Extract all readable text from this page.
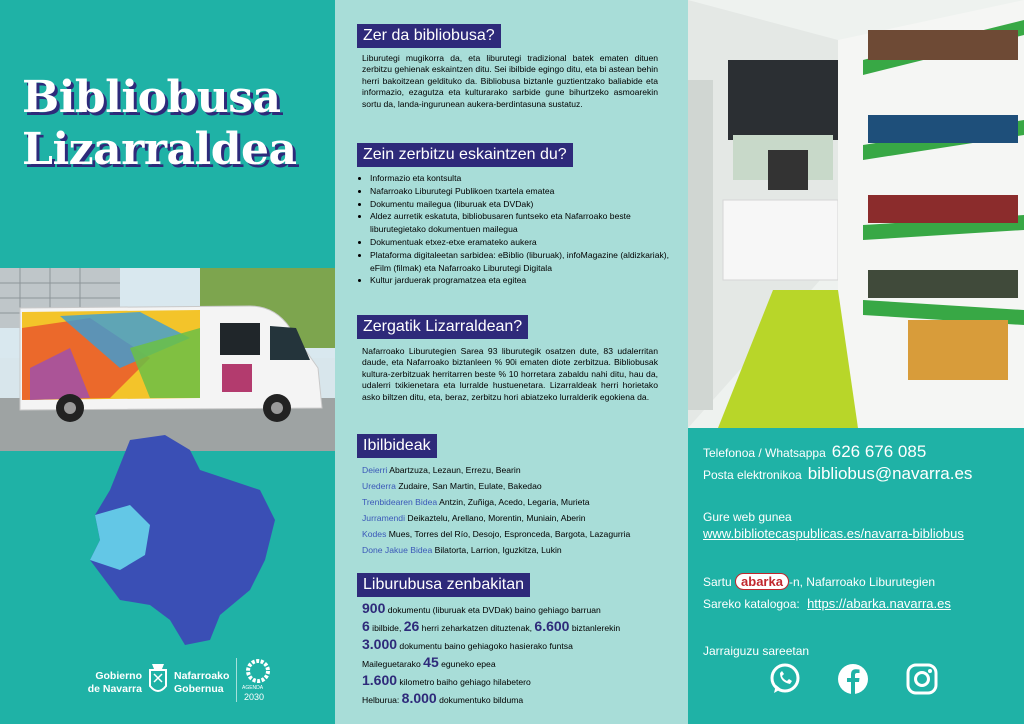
Bibliobusa
Lizarraldea
Gobierno
de Navarra
Nafarroako
Gobernua	AGENDA
2030
Zer da bibliobusa?
Liburutegi mugikorra da, eta liburutegi tradizional batek ematen dituen zerbitzu gehienak eskaintzen ditu. Sei ibilbide egingo ditu, eta bi astean behin herri bakoitzean geldituko da. Bibliobusa biztanle guztientzako baliabide eta informazio, ezagutza eta kulturarako sarbide gune bihurtzeko asmoarekin sortu da, landa-ingurunean aukera-berdintasuna sustatuz.
Zein zerbitzu eskaintzen du?
• Informazio eta kontsulta
• Nafarroako Liburutegi Publikoen txartela ematea
• Dokumentu mailegua (liburuak eta DVDak)
• Aldez aurretik eskatuta, bibliobusaren funtseko eta Nafarroako beste liburutegietako dokumentuen mailegua
• Dokumentuak etxez-etxe eramateko aukera
• Plataforma digitaleetan sarbidea: eBiblio (liburuak), infoMagazine (aldizkariak), eFilm (filmak) eta Nafarroako Liburutegi Digitala
• Kultur jarduerak programatzea eta egitea
Zergatik Lizarraldean?
Nafarroako Liburutegien Sarea 93 liburutegik osatzen dute, 83 udalerritan daude, eta Nafarroako biztanleen % 90i ematen diote zerbitzua. Bibliobusak kultura-zerbitzuak herritarren beste % 10 horretara zabaldu nahi ditu, hau da, udalerri txikienetara eta lurralde hustuenetara. Lizarraldeak herri horietako asko biltzen ditu, eta, beraz, zerbitzu hori abiatzeko lurralderik egokiena da.
Ibilbideak
Deierri Abartzuza, Lezaun, Errezu, Bearin
Urederra Zudaire, San Martin, Eulate, Bakedao
Trenbidearen Bidea Antzin, Zuñiga, Acedo, Legaria, Murieta
Jurramendi Deikaztelu, Arellano, Morentin, Muniain, Aberin
Kodes Mues, Torres del Río, Desojo, Espronceda, Bargota, Lazagurria
Done Jakue Bidea Bilatorta, Larrion, Iguzkitza, Lukin
Liburubusa zenbakitan
900 dokumentu (liburuak eta DVDak) baino gehiago barruan
6 ibilbide, 26 herri zeharkatzen dituztenak, 6.600 biztanlerekin
3.000 dokumentu baino gehiagoko hasierako funtsa
Maileguetarako 45 eguneko epea
1.600 kilometro baiho gehiago hilabetero
Helburua: 8.000 dokumentuko bilduma
Telefonoa / Whatsappa 626 676 085
Posta elektronikoa bibliobus@navarra.es
Gure web gunea
www.bibliotecaspublicas.es/navarra-bibliobus
Sartu abarka -n, Nafarroako Liburutegien
Sareko katalogoa: https://abarka.navarra.es
Jarraiguzu sareetan
